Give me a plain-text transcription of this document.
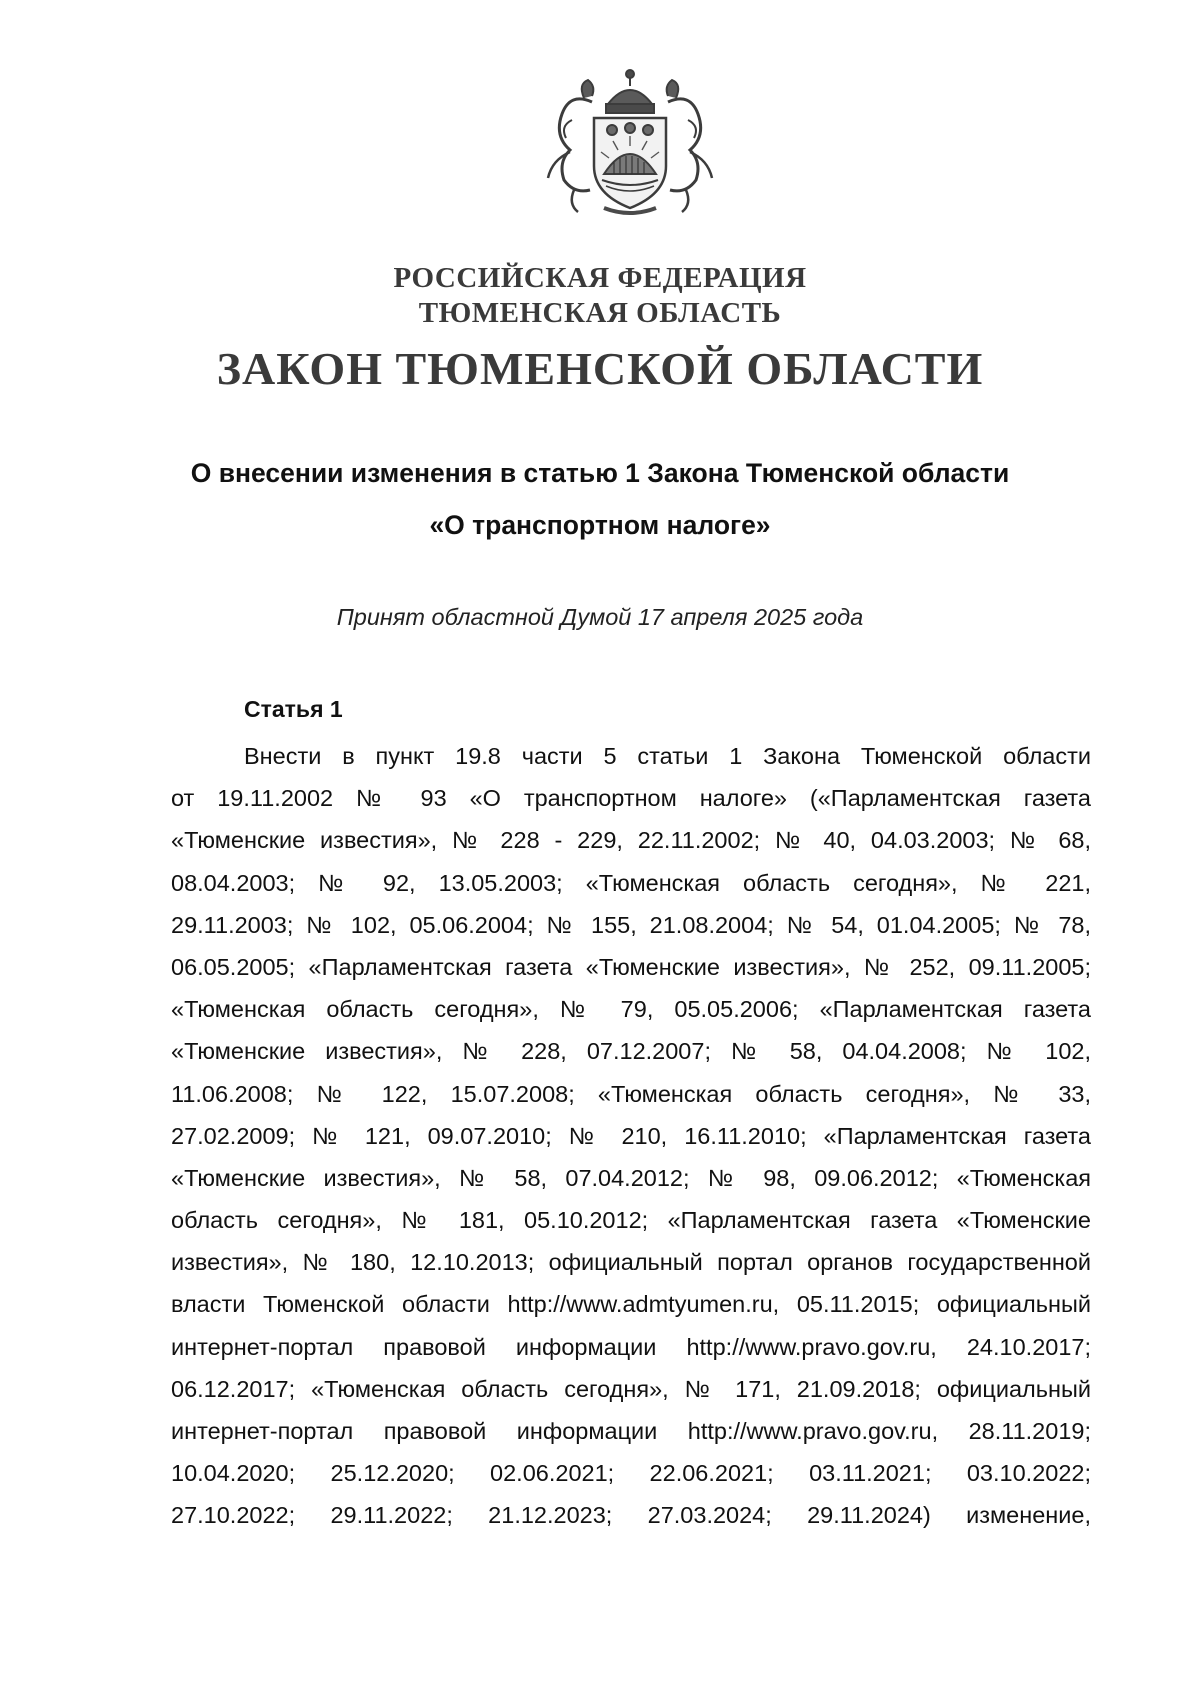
РОССИЙСКАЯ ФЕДЕРАЦИЯ
ТЮМЕНСКАЯ ОБЛАСТЬ
ЗАКОН ТЮМЕНСКОЙ ОБЛАСТИ
О внесении изменения в статью 1 Закона Тюменской области
«О транспортном налоге»
Принят областной Думой 17 апреля 2025 года
Статья 1
Внести в пункт 19.8 части 5 статьи 1 Закона Тюменской области
от 19.11.2002 № 93 «О транспортном налоге» («Парламентская газета
«Тюменские известия», № 228 - 229, 22.11.2002; № 40, 04.03.2003; № 68,
08.04.2003; № 92, 13.05.2003; «Тюменская область сегодня», № 221,
29.11.2003; № 102, 05.06.2004; № 155, 21.08.2004; № 54, 01.04.2005; № 78,
06.05.2005; «Парламентская газета «Тюменские известия», № 252, 09.11.2005;
«Тюменская область сегодня», № 79, 05.05.2006; «Парламентская газета
«Тюменские известия», № 228, 07.12.2007; № 58, 04.04.2008; № 102,
11.06.2008; № 122, 15.07.2008; «Тюменская область сегодня», № 33,
27.02.2009; № 121, 09.07.2010; № 210, 16.11.2010; «Парламентская газета
«Тюменские известия», № 58, 07.04.2012; № 98, 09.06.2012; «Тюменская
область сегодня», № 181, 05.10.2012; «Парламентская газета «Тюменские
известия», № 180, 12.10.2013; официальный портал органов государственной
власти Тюменской области http://www.admtyumen.ru, 05.11.2015; официальный
интернет-портал правовой информации http://www.pravo.gov.ru, 24.10.2017;
06.12.2017; «Тюменская область сегодня», № 171, 21.09.2018; официальный
интернет-портал правовой информации http://www.pravo.gov.ru, 28.11.2019;
10.04.2020; 25.12.2020; 02.06.2021; 22.06.2021; 03.11.2021; 03.10.2022;
27.10.2022; 29.11.2022; 21.12.2023; 27.03.2024; 29.11.2024) изменение,
